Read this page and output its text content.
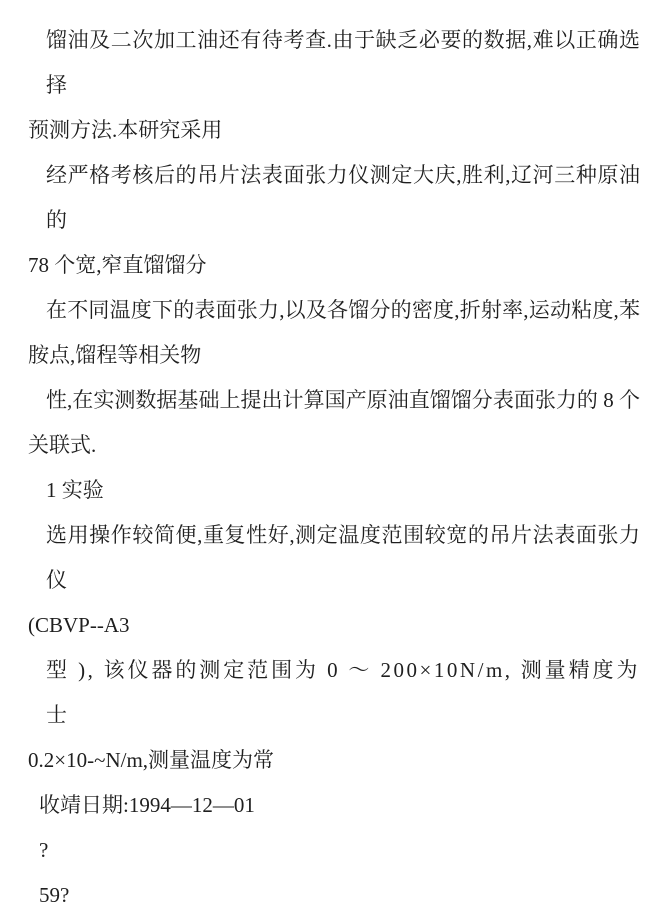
馏油及二次加工油还有待考查.由于缺乏必要的数据,难以正确选择

预测方法.本研究采用

经严格考核后的吊片法表面张力仪测定大庆,胜利,辽河三种原油的

78 个宽,窄直馏馏分

在不同温度下的表面张力,以及各馏分的密度,折射率,运动粘度,苯

胺点,馏程等相关物

性,在实测数据基础上提出计算国产原油直馏馏分表面张力的 8 个

关联式.

1 实验

选用操作较简便,重复性好,测定温度范围较宽的吊片法表面张力仪

(CBVP--A3

型 ), 该仪器的测定范围为 0 ～ 200×10N/m, 测量精度为士

0.2×10-~N/m,测量温度为常

收靖日期:1994—12—01

?

59?
